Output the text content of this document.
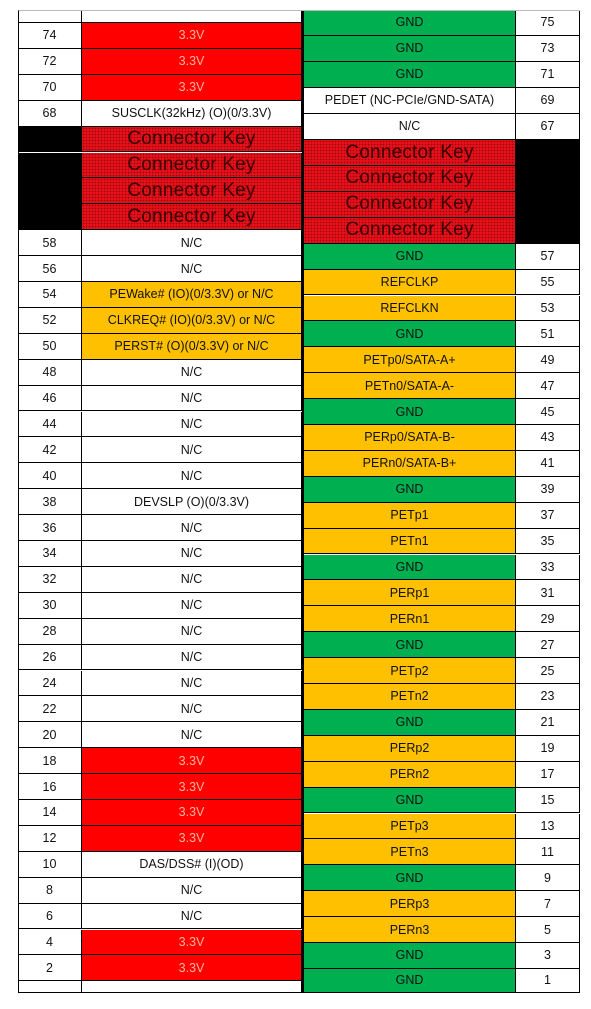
74	3.3V
72	3.3V
70	3.3V
68	SUSCLK(32kHz) (O)(0/3.3V)
Connector Key
Connector Key
Connector Key
Connector Key
58	N/C
56	N/C
54	PEWake# (IO)(0/3.3V) or N/C
52	CLKREQ# (IO)(0/3.3V) or N/C
50	PERST# (O)(0/3.3V) or N/C
48	N/C
46	N/C
44	N/C
42	N/C
40	N/C
38	DEVSLP (O)(0/3.3V)
36	N/C
34	N/C
32	N/C
30	N/C
28	N/C
26	N/C
24	N/C
22	N/C
20	N/C
18	3.3V
16	3.3V
14	3.3V
12	3.3V
10	DAS/DSS# (I)(OD)
8	N/C
6	N/C
4	3.3V
2	3.3V
GND	75
GND	73
GND	71
PEDET (NC-PCIe/GND-SATA)	69
N/C	67
Connector Key
Connector Key
Connector Key
Connector Key
GND	57
REFCLKP	55
REFCLKN	53
GND	51
PETp0/SATA-A+	49
PETn0/SATA-A-	47
GND	45
PERp0/SATA-B-	43
PERn0/SATA-B+	41
GND	39
PETp1	37
PETn1	35
GND	33
PERp1	31
PERn1	29
GND	27
PETp2	25
PETn2	23
GND	21
PERp2	19
PERn2	17
GND	15
PETp3	13
PETn3	11
GND	9
PERp3	7
PERn3	5
GND	3
GND	1
